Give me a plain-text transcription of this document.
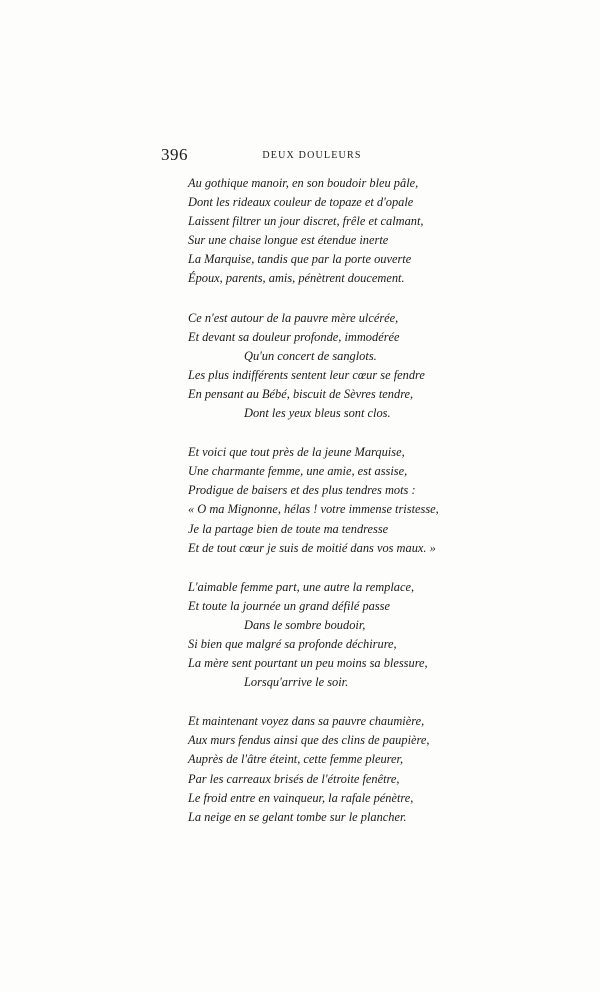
396	DEUX DOULEURS
Au gothique manoir, en son boudoir bleu pâle,
Dont les rideaux couleur de topaze et d'opale
Laissent filtrer un jour discret, frêle et calmant,
Sur une chaise longue est étendue inerte
La Marquise, tandis que par la porte ouverte
Époux, parents, amis, pénètrent doucement.
Ce n'est autour de la pauvre mère ulcérée,
Et devant sa douleur profonde, immodérée
Qu'un concert de sanglots.
Les plus indifférents sentent leur cœur se fendre
En pensant au Bébé, biscuit de Sèvres tendre,
Dont les yeux bleus sont clos.
Et voici que tout près de la jeune Marquise,
Une charmante femme, une amie, est assise,
Prodigue de baisers et des plus tendres mots :
« O ma Mignonne, hélas ! votre immense tristesse,
Je la partage bien de toute ma tendresse
Et de tout cœur je suis de moitié dans vos maux. »
L'aimable femme part, une autre la remplace,
Et toute la journée un grand défilé passe
Dans le sombre boudoir,
Si bien que malgré sa profonde déchirure,
La mère sent pourtant un peu moins sa blessure,
Lorsqu'arrive le soir.
Et maintenant voyez dans sa pauvre chaumière,
Aux murs fendus ainsi que des clins de paupière,
Auprès de l'âtre éteint, cette femme pleurer,
Par les carreaux brisés de l'étroite fenêtre,
Le froid entre en vainqueur, la rafale pénètre,
La neige en se gelant tombe sur le plancher.
